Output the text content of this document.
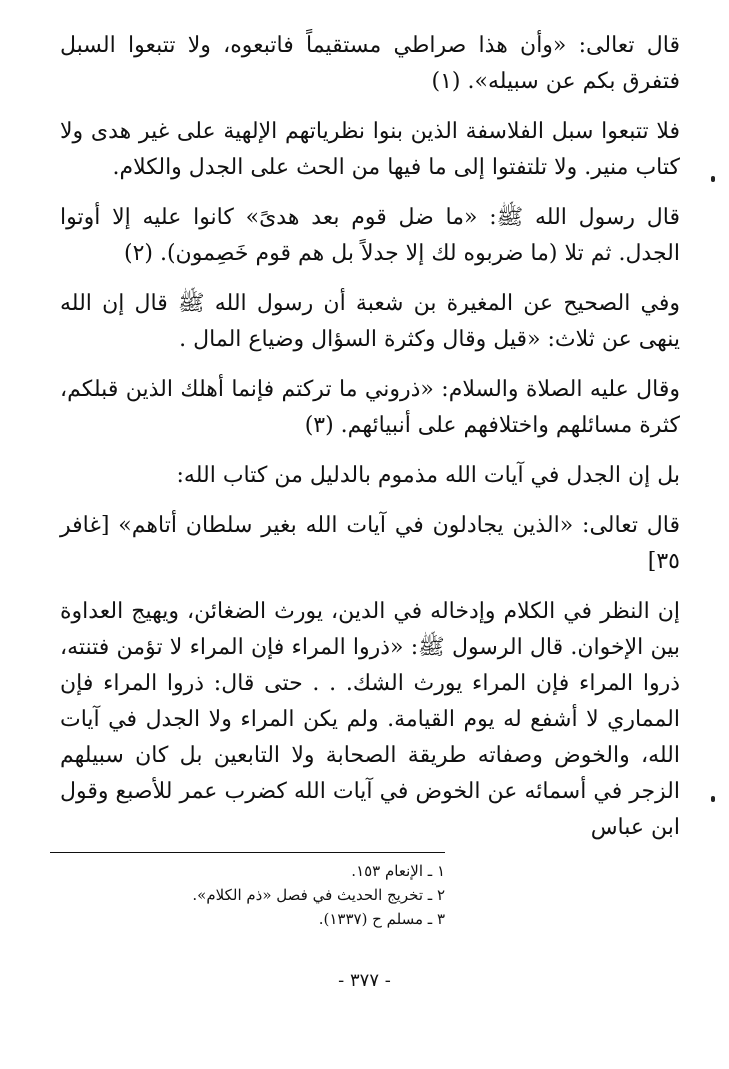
قال تعالى: «وأن هذا صراطي مستقيماً فاتبعوه، ولا تتبعوا السبل فتفرق بكم عن سبيله». (١)

فلا تتبعوا سبل الفلاسفة الذين بنوا نظرياتهم الإلهية على غير هدى ولا كتاب منير. ولا تلتفتوا إلى ما فيها من الحث على الجدل والكلام.

قال رسول الله ﷺ: «ما ضل قوم بعد هدىً» كانوا عليه إلا أوتوا الجدل. ثم تلا (ما ضربوه لك إلا جدلاً بل هم قوم خَصِمون). (٢)

وفي الصحيح عن المغيرة بن شعبة أن رسول الله ﷺ قال إن الله ينهى عن ثلاث: «قيل وقال وكثرة السؤال وضياع المال .

وقال عليه الصلاة والسلام: «ذروني ما تركتم فإنما أهلك الذين قبلكم، كثرة مسائلهم واختلافهم على أنبيائهم. (٣)

بل إن الجدل في آيات الله مذموم بالدليل من كتاب الله:

قال تعالى: «الذين يجادلون في آيات الله بغير سلطان أتاهم» [غافر ٣٥]

إن النظر في الكلام وإدخاله في الدين، يورث الضغائن، ويهيج العداوة بين الإخوان. قال الرسول ﷺ: «ذروا المراء فإن المراء لا تؤمن فتنته، ذروا المراء فإن المراء يورث الشك. . . حتى قال: ذروا المراء فإن المماري لا أشفع له يوم القيامة. ولم يكن المراء ولا الجدل في آيات الله، والخوض وصفاته طريقة الصحابة ولا التابعين بل كان سبيلهم الزجر في أسمائه عن الخوض في آيات الله كضرب عمر للأصبع وقول ابن عباس

١ ـ الإنعام ١٥٣.
٢ ـ تخريج الحديث في فصل «ذم الكلام».
٣ ـ مسلم ح (١٣٣٧).
- ٣٧٧ -
